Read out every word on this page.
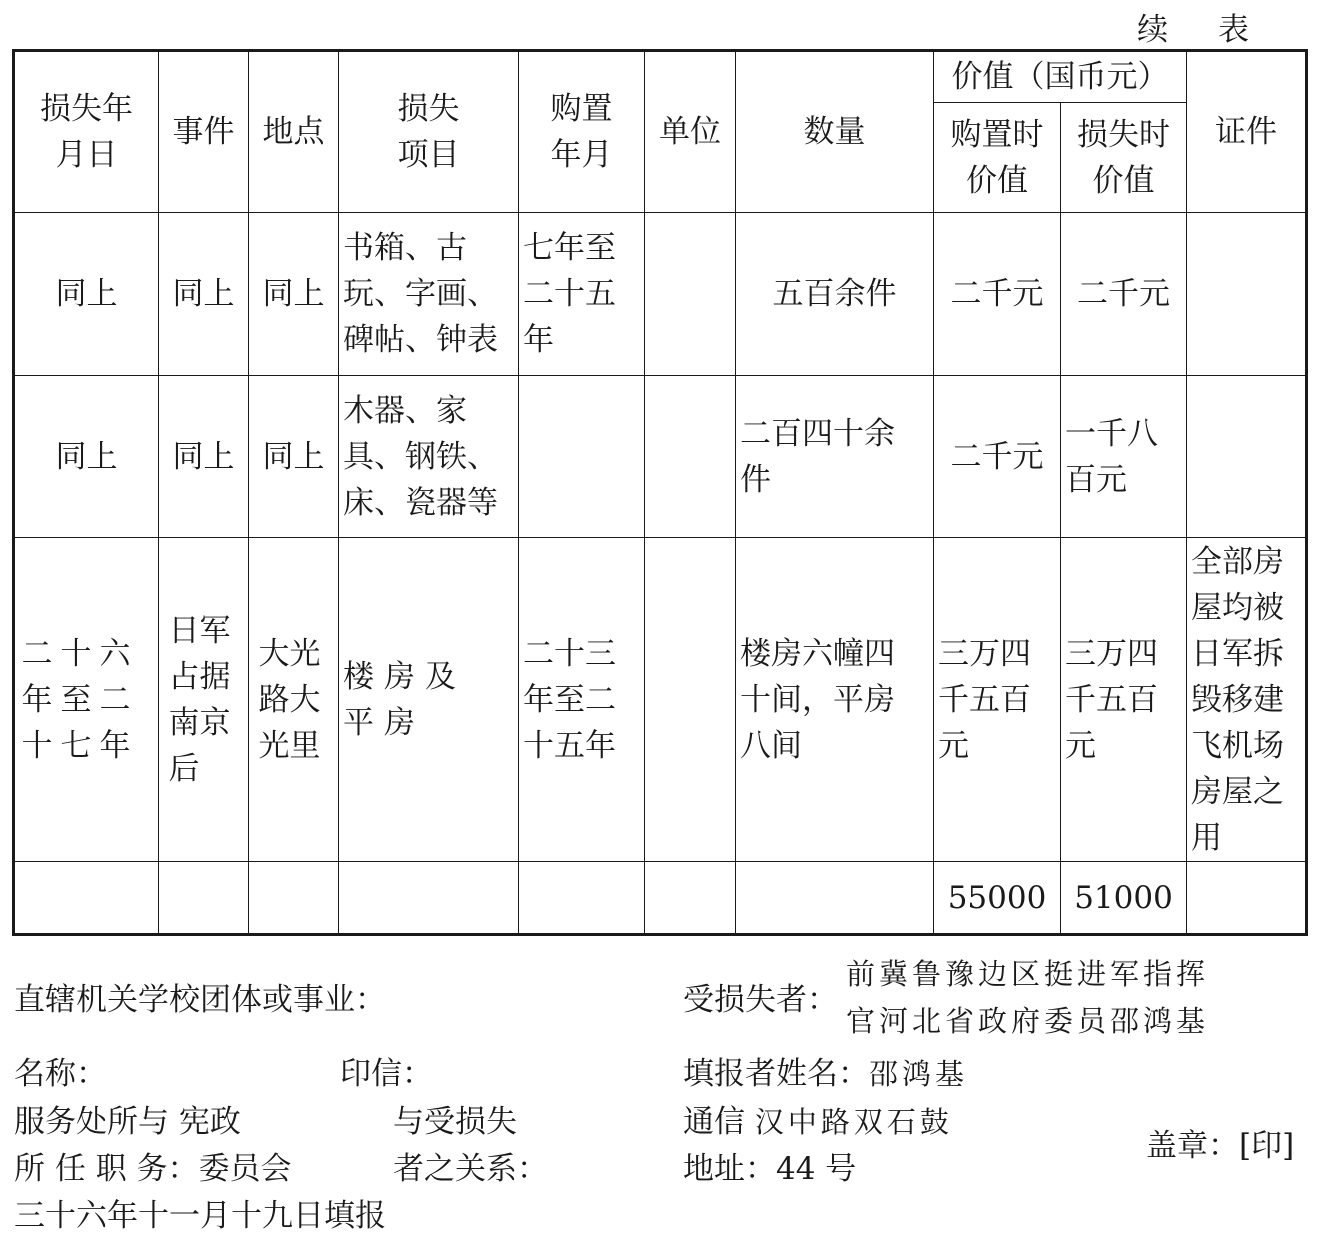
续 表
损失年月日	事件	地点	损失项目	购置年月	单位	数量	价值（国币元）		证件

							购置时价值	损失时价值	

同上	同上	同上	书箱、古玩、字画、碑帖、钟表	七年至二十五年		五百余件	二千元	二千元	
同上	同上	同上	木器、家具、钢铁、床、瓷器等			二百四十余件	二千元	一千八百元	

二十六年至二十七年	日军占据南京后	大光路大光里	楼房及平房	二十三年至二十五年		楼房六幢四十间，平房八间	三万四千五百元	三万四千五百元	全部房屋均被日军拆毁移建飞机场房屋之用

							55000	51000	
直辖机关学校团体或事业：
名称：	印信：
服务处所与 宪政
所 任 职 务：委员会
与受损失
者之关系：
三十六年十一月十九日填报
受损失者：
前冀鲁豫边区挺进军指挥
官河北省政府委员邵鸿基
填报者姓名：邵鸿基
通信 汉中路双石鼓
地址：44 号
盖章：[印]
